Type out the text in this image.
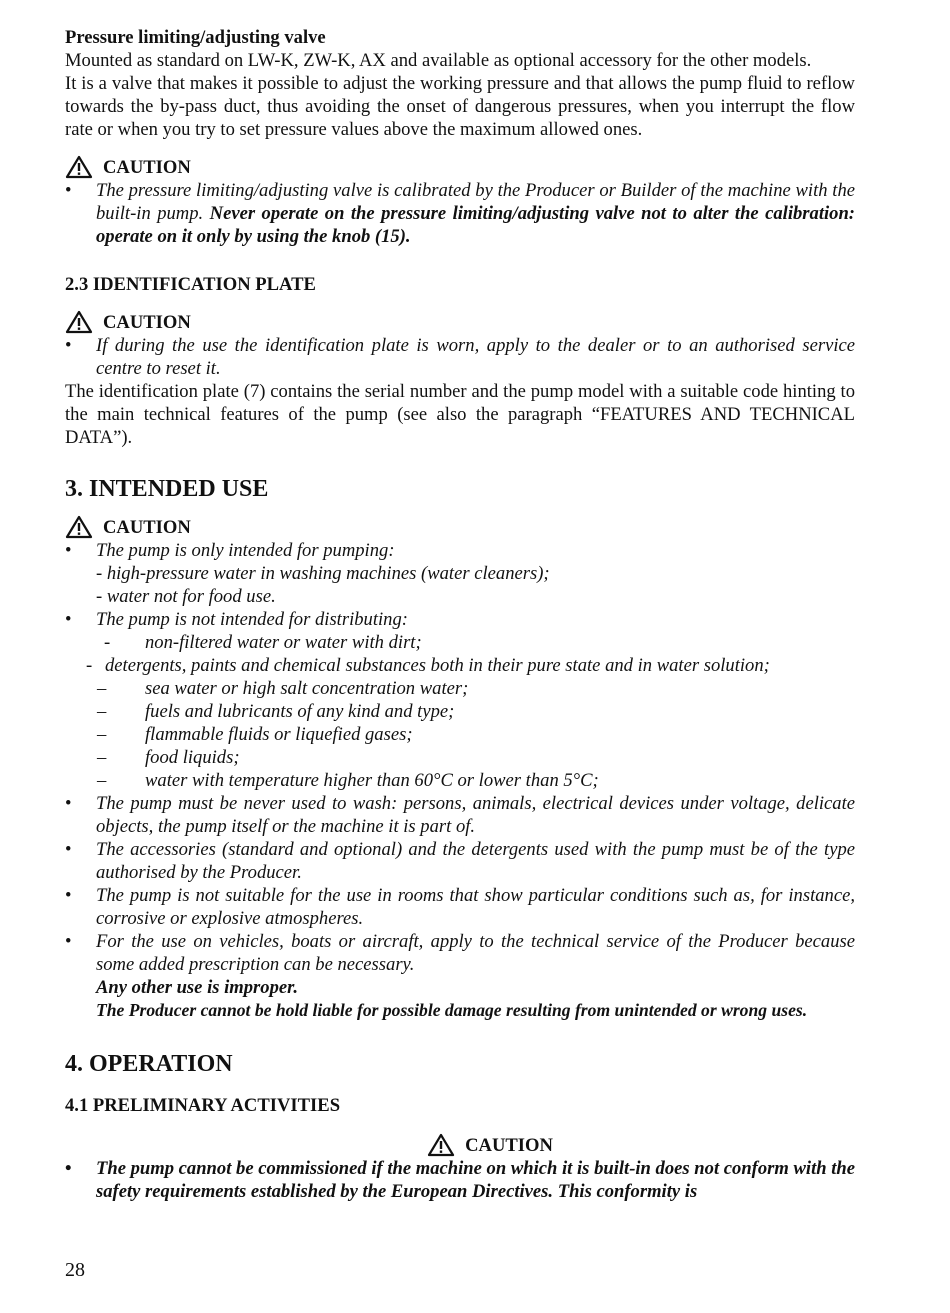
Pressure limiting/adjusting valve

Mounted as standard on LW-K, ZW-K, AX and available as optional accessory for the other models.

It is a valve that makes it possible to adjust the working pressure and that allows the pump fluid to reflow towards the by-pass duct, thus avoiding the onset of dangerous pressures, when you interrupt the flow rate or when you try to set pressure values above the maximum allowed ones.

CAUTION
• The pressure limiting/adjusting valve is calibrated by the Producer or Builder of the machine with the built-in pump. Never operate on the pressure limiting/adjusting valve not to alter the calibration: operate on it only by using the knob (15).
2.3 IDENTIFICATION PLATE
CAUTION
• If during the use the identification plate is worn, apply to the dealer or to an authorised service centre to reset it.

The identification plate (7) contains the serial number and the pump model with a suitable code hinting to the main technical features of the pump (see also the paragraph “FEATURES AND TECHNICAL DATA”).

3. INTENDED USE
CAUTION
• The pump is only intended for pumping:
- high-pressure water in washing machines (water cleaners);
- water not for food use.
• The pump is not intended for distributing:
- non-filtered water or water with dirt;
- detergents, paints and chemical substances both in their pure state and in water solution;
– sea water or high salt concentration water;
– fuels and lubricants of any kind and type;
– flammable fluids or liquefied gases;
– food liquids;
– water with temperature higher than 60°C or lower than 5°C;
• The pump must be never used to wash: persons, animals, electrical devices under voltage, delicate objects, the pump itself or the machine it is part of.
• The accessories (standard and optional) and the detergents used with the pump must be of the type authorised by the Producer.
• The pump is not suitable for the use in rooms that show particular conditions such as, for instance, corrosive or explosive atmospheres.
• For the use on vehicles, boats or aircraft, apply to the technical service of the Producer because some added prescription can be necessary.
Any other use is improper.
The Producer cannot be hold liable for possible damage resulting from unintended or wrong uses.
4. OPERATION
4.1 PRELIMINARY ACTIVITIES
CAUTION
• The pump cannot be commissioned if the machine on which it is built-in does not conform with the safety requirements established by the European Directives. This conformity is
28
